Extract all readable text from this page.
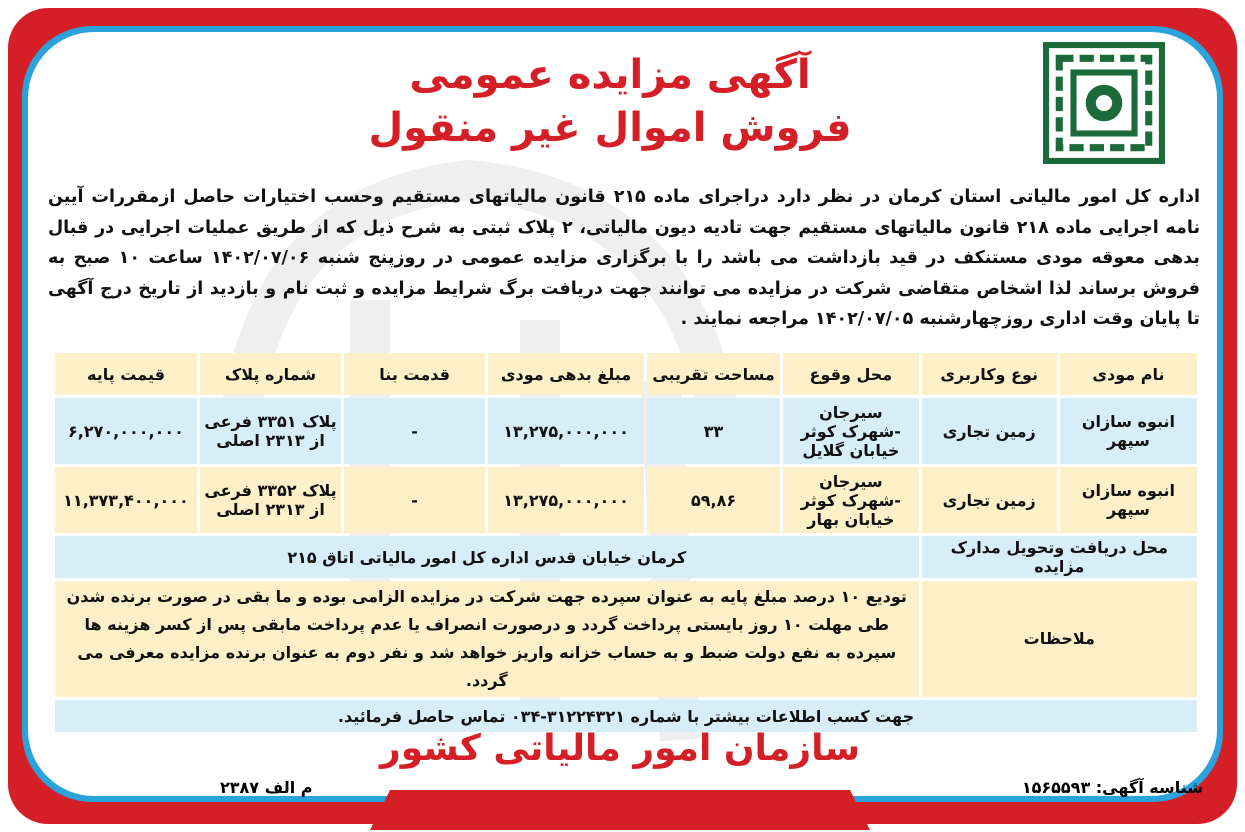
آگهی مزایده عمومی
فروش اموال غیر منقول
اداره کل امور مالیاتی استان کرمان در نظر دارد دراجرای ماده ۲۱۵ قانون مالیاتهای مستقیم وحسب اختیارات حاصل ازمقررات آیین نامه اجرایی ماده ۲۱۸ قانون مالیاتهای مستقیم جهت تادیه دیون مالیاتی، ۲ پلاک ثبتی به شرح ذیل که از طریق عملیات اجرایی در قبال بدهی معوقه مودی مستنکف در قید بازداشت می باشد را با برگزاری مزایده عمومی در روزپنج شنبه ۱۴۰۲/۰۷/۰۶ ساعت ۱۰ صبح به فروش برساند لذا اشخاص متقاضی شرکت در مزایده می توانند جهت دریافت برگ شرایط مزایده و ثبت نام و بازدید از تاریخ درج آگهی تا پایان وقت اداری روزچهارشنبه ۱۴۰۲/۰۷/۰۵ مراجعه نمایند .
نام مودی	نوع وکاربری	محل وقوع	مساحت تقریبی	مبلغ بدهی مودی	قدمت بنا	شماره پلاک	قیمت پایه
انبوه سازان سپهر	زمین تجاری	سیرجان -شهرک کوثر خیابان گلایل	۳۳	۱۳,۲۷۵,۰۰۰,۰۰۰	-	پلاک ۳۳۵۱ فرعی از ۲۳۱۳ اصلی	۶,۲۷۰,۰۰۰,۰۰۰
انبوه سازان سپهر	زمین تجاری	سیرجان -شهرک کوثر خیابان بهار	۵۹,۸۶	۱۳,۲۷۵,۰۰۰,۰۰۰	-	پلاک ۳۳۵۲ فرعی از ۲۳۱۳ اصلی	۱۱,۳۷۳,۴۰۰,۰۰۰
محل دریافت وتحویل مدارک مزایده		کرمان خیابان قدس اداره کل امور مالیاتی اتاق ۲۱۵					
ملاحظات		تودیع ۱۰ درصد مبلغ پایه به عنوان سپرده جهت شرکت در مزایده الزامی بوده و ما بقی در صورت برنده شدن طی مهلت ۱۰ روز بایستی پرداخت گردد و درصورت انصراف یا عدم پرداخت مابقی پس از کسر هزینه ها سپرده به نفع دولت ضبط و به حساب خزانه واریز خواهد شد و نفر دوم به عنوان برنده مزایده معرفی می گردد.					
جهت کسب اطلاعات بیشتر با شماره ۳۱۲۲۴۳۲۱-۰۳۴ تماس حاصل فرمائید.							
سازمان امور مالیاتی کشور
شناسه آگهی: ۱۵۶۵۵۹۳
م الف ۲۳۸۷
